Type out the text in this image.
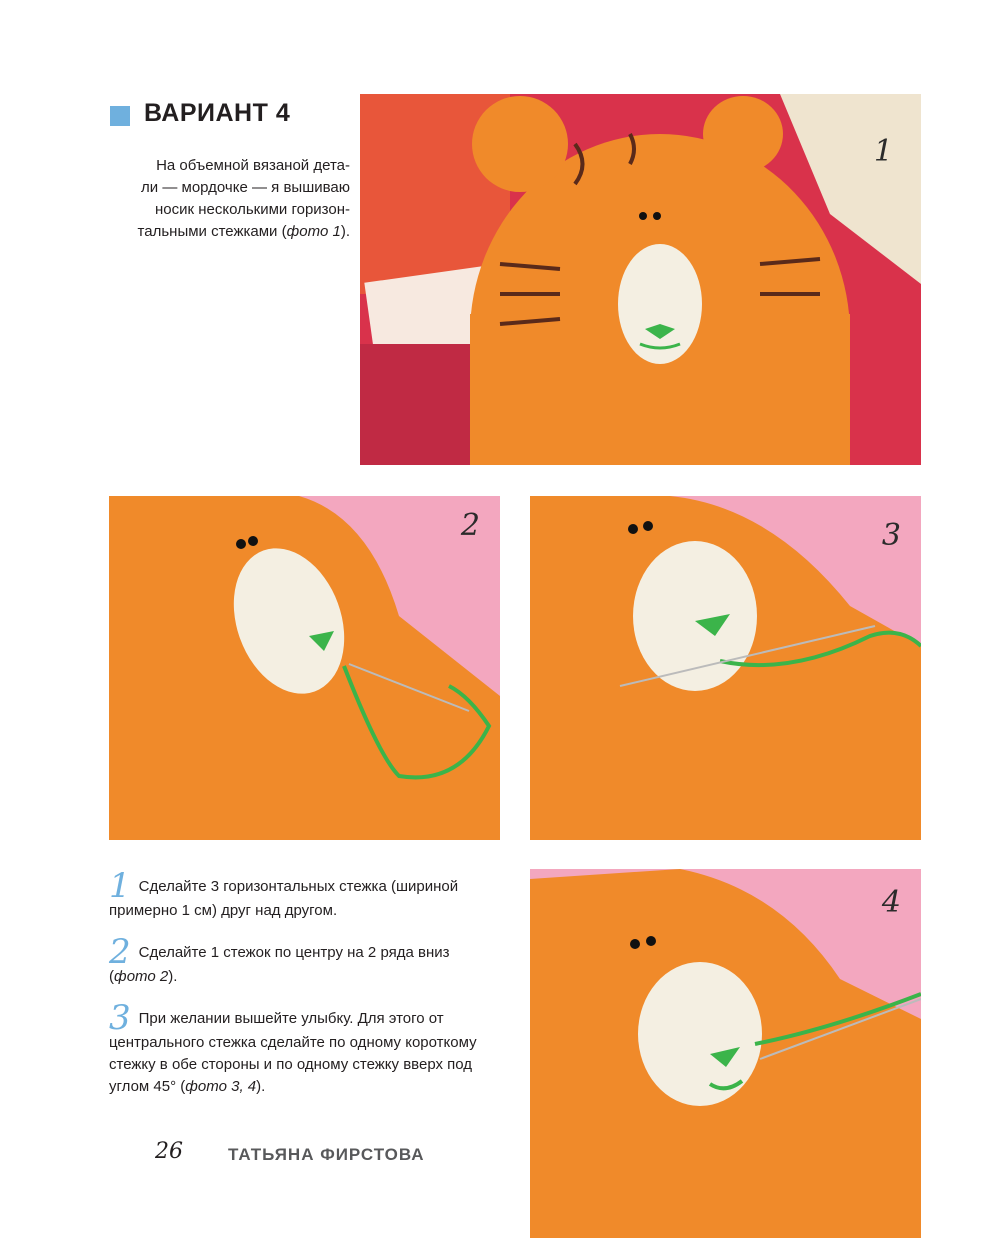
ВАРИАНТ 4

На объемной вязаной дета-
ли — мордочке — я вышиваю
носик несколькими горизон-
тальными стежками (фото 1).

1
2	3
4

1 Сделайте 3 горизонтальных стежка (шириной примерно 1 см) друг над другом.

2 Сделайте 1 стежок по центру на 2 ряда вниз (фото 2).

3 При желании вышейте улыбку. Для этого от центрального стежка сделайте по одному короткому стежку в обе стороны и по одному стежку вверх под углом 45° (фото 3, 4).

26	ТАТЬЯНА ФИРСТОВА
